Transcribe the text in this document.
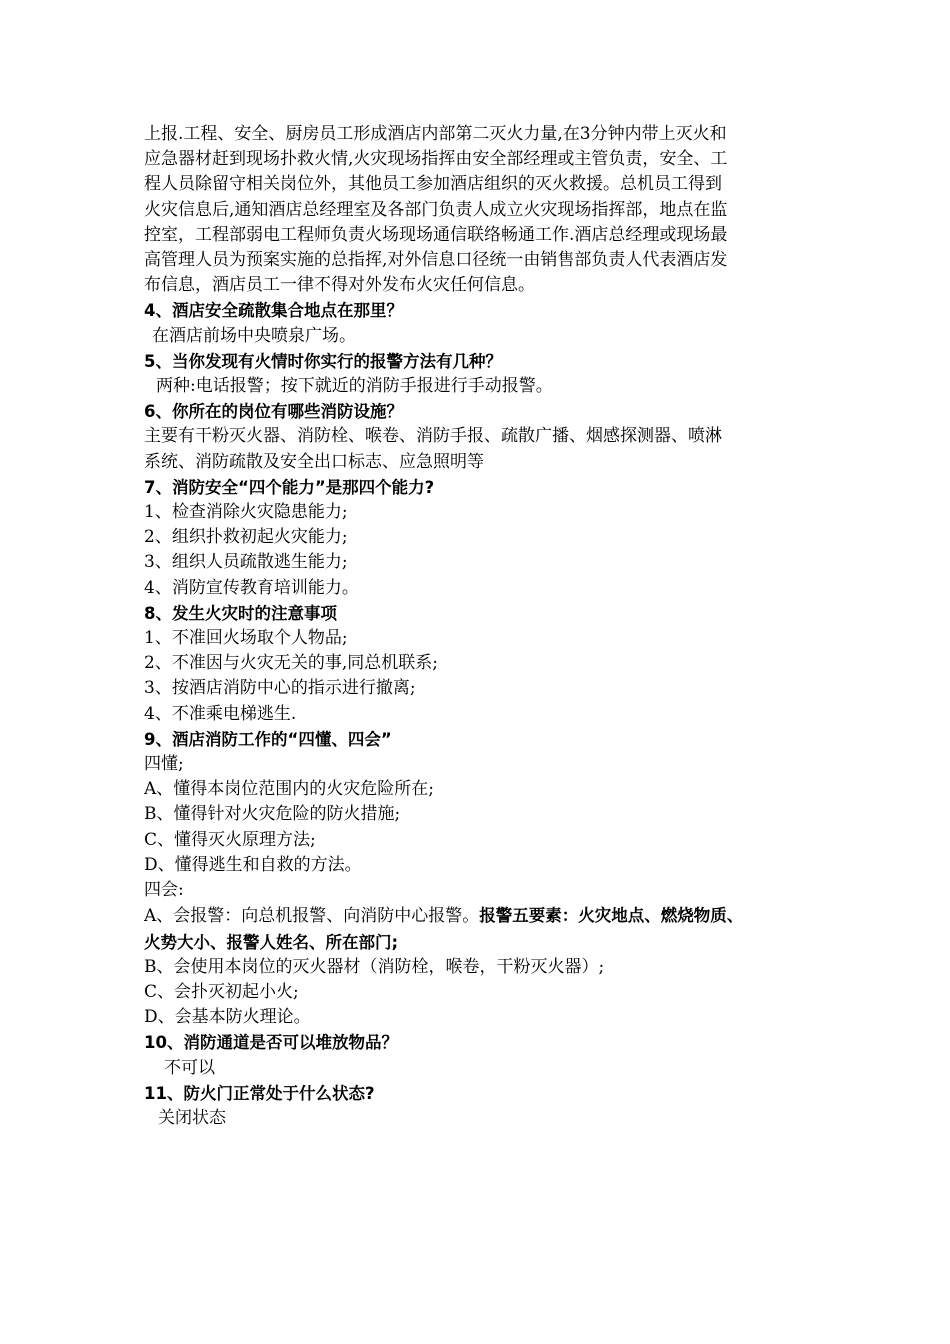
上报.工程、安全、厨房员工形成酒店内部第二灭火力量,在3分钟内带上灭火和
应急器材赶到现场扑救火情,火灾现场指挥由安全部经理或主管负责，安全、工
程人员除留守相关岗位外，其他员工参加酒店组织的灭火救援。总机员工得到
火灾信息后,通知酒店总经理室及各部门负责人成立火灾现场指挥部，地点在监
控室，工程部弱电工程师负责火场现场通信联络畅通工作.酒店总经理或现场最
高管理人员为预案实施的总指挥,对外信息口径统一由销售部负责人代表酒店发
布信息，酒店员工一律不得对外发布火灾任何信息。
4、酒店安全疏散集合地点在那里？
在酒店前场中央喷泉广场。
5、当你发现有火情时你实行的报警方法有几种？
两种:电话报警；按下就近的消防手报进行手动报警。
6、你所在的岗位有哪些消防设施？
主要有干粉灭火器、消防栓、喉卷、消防手报、疏散广播、烟感探测器、喷淋
系统、消防疏散及安全出口标志、应急照明等
7、消防安全“四个能力”是那四个能力?
1、检查消除火灾隐患能力;
2、组织扑救初起火灾能力;
3、组织人员疏散逃生能力;
4、消防宣传教育培训能力。
8、发生火灾时的注意事项
1、不准回火场取个人物品;
2、不准因与火灾无关的事,同总机联系;
3、按酒店消防中心的指示进行撤离;
4、不准乘电梯逃生.
9、酒店消防工作的“四懂、四会”
四懂;
A、懂得本岗位范围内的火灾危险所在;
B、懂得针对火灾危险的防火措施;
C、懂得灭火原理方法;
D、懂得逃生和自救的方法。
四会:
A、会报警：向总机报警、向消防中心报警。报警五要素：火灾地点、燃烧物质、
火势大小、报警人姓名、所在部门;
B、会使用本岗位的灭火器材（消防栓，喉卷，干粉灭火器）;
C、会扑灭初起小火;
D、会基本防火理论。
10、消防通道是否可以堆放物品？
不可以
11、防火门正常处于什么状态?
关闭状态
